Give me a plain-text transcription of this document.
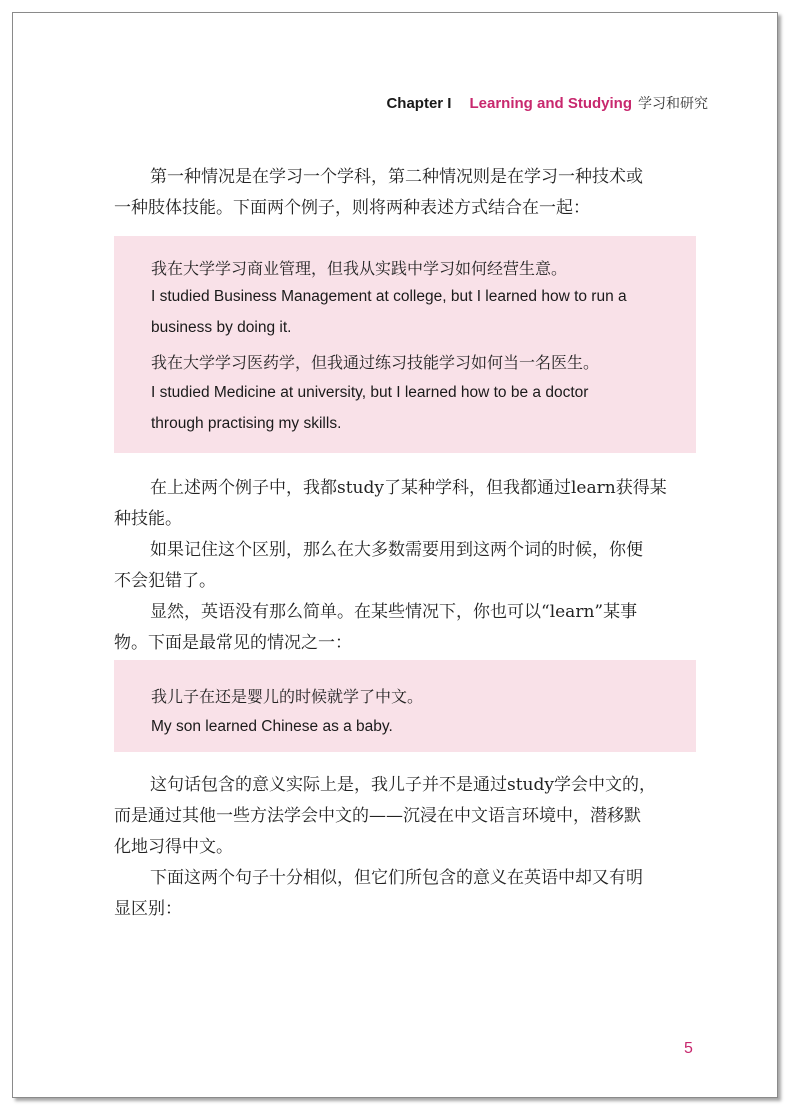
Chapter I Learning and Studying 学习和研究
第一种情况是在学习一个学科，第二种情况则是在学习一种技术或
一种肢体技能。下面两个例子，则将两种表述方式结合在一起：
我在大学学习商业管理，但我从实践中学习如何经营生意。
I studied Business Management at college, but I learned how to run a
business by doing it.
我在大学学习医药学，但我通过练习技能学习如何当一名医生。
I studied Medicine at university, but I learned how to be a doctor
through practising my skills.
在上述两个例子中，我都study了某种学科，但我都通过learn获得某
种技能。
如果记住这个区别，那么在大多数需要用到这两个词的时候，你便
不会犯错了。
显然，英语没有那么简单。在某些情况下，你也可以“learn”某事
物。下面是最常见的情况之一：
我儿子在还是婴儿的时候就学了中文。
My son learned Chinese as a baby.
这句话包含的意义实际上是，我儿子并不是通过study学会中文的，
而是通过其他一些方法学会中文的——沉浸在中文语言环境中，潜移默
化地习得中文。
下面这两个句子十分相似，但它们所包含的意义在英语中却又有明
显区别：
5
